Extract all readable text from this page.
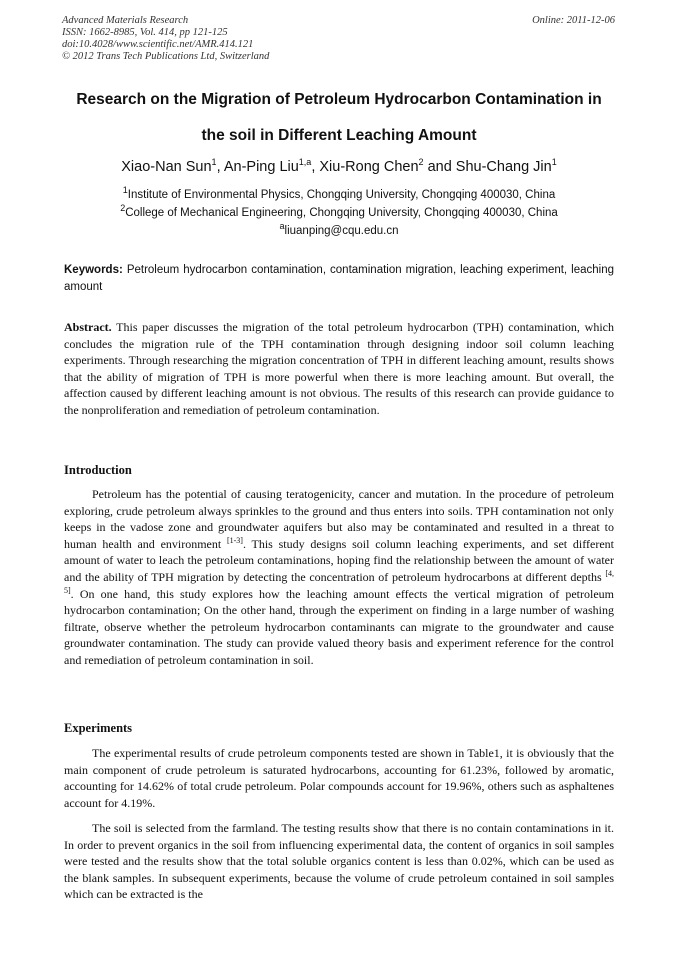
Advanced Materials Research
ISSN: 1662-8985, Vol. 414, pp 121-125
doi:10.4028/www.scientific.net/AMR.414.121
© 2012 Trans Tech Publications Ltd, Switzerland
Online: 2011-12-06
Research on the Migration of Petroleum Hydrocarbon Contamination in
the soil in Different Leaching Amount
Xiao-Nan Sun$^1$, An-Ping Liu$^{1,a}$, Xiu-Rong Chen$^2$ and Shu-Chang Jin$^1$
$^1$Institute of Environmental Physics, Chongqing University, Chongqing 400030, China
$^2$College of Mechanical Engineering, Chongqing University, Chongqing 400030, China
$^a$liuanping@cqu.edu.cn
Keywords: Petroleum hydrocarbon contamination, contamination migration, leaching experiment, leaching amount
Abstract. This paper discusses the migration of the total petroleum hydrocarbon (TPH) contamination, which concludes the migration rule of the TPH contamination through designing indoor soil column leaching experiments. Through researching the migration concentration of TPH in different leaching amount, results shows that the ability of migration of TPH is more powerful when there is more leaching amount. But overall, the affection caused by different leaching amount is not obvious. The results of this research can provide guidance to the nonproliferation and remediation of petroleum contamination.
Introduction
Petroleum has the potential of causing teratogenicity, cancer and mutation. In the procedure of petroleum exploring, crude petroleum always sprinkles to the ground and thus enters into soils. TPH contamination not only keeps in the vadose zone and groundwater aquifers but also may be contaminated and resulted in a threat to human health and environment [1-3]. This study designs soil column leaching experiments, and set different amount of water to leach the petroleum contaminations, hoping find the relationship between the amount of water and the ability of TPH migration by detecting the concentration of petroleum hydrocarbons at different depths [4, 5]. On one hand, this study explores how the leaching amount effects the vertical migration of petroleum hydrocarbon contamination; On the other hand, through the experiment on finding in a large number of washing filtrate, observe whether the petroleum hydrocarbon contaminants can migrate to the groundwater and cause groundwater contamination. The study can provide valued theory basis and experiment reference for the control and remediation of petroleum contamination in soil.
Experiments
The experimental results of crude petroleum components tested are shown in Table1, it is obviously that the main component of crude petroleum is saturated hydrocarbons, accounting for 61.23%, followed by aromatic, accounting for 14.62% of total crude petroleum. Polar compounds account for 19.96%, others such as asphaltenes account for 4.19%.
The soil is selected from the farmland. The testing results show that there is no contain contaminations in it. In order to prevent organics in the soil from influencing experimental data, the content of organics in soil samples were tested and the results show that the total soluble organics content is less than 0.02%, which can be used as the blank samples. In subsequent experiments, because the volume of crude petroleum contained in soil samples which can be extracted is the
